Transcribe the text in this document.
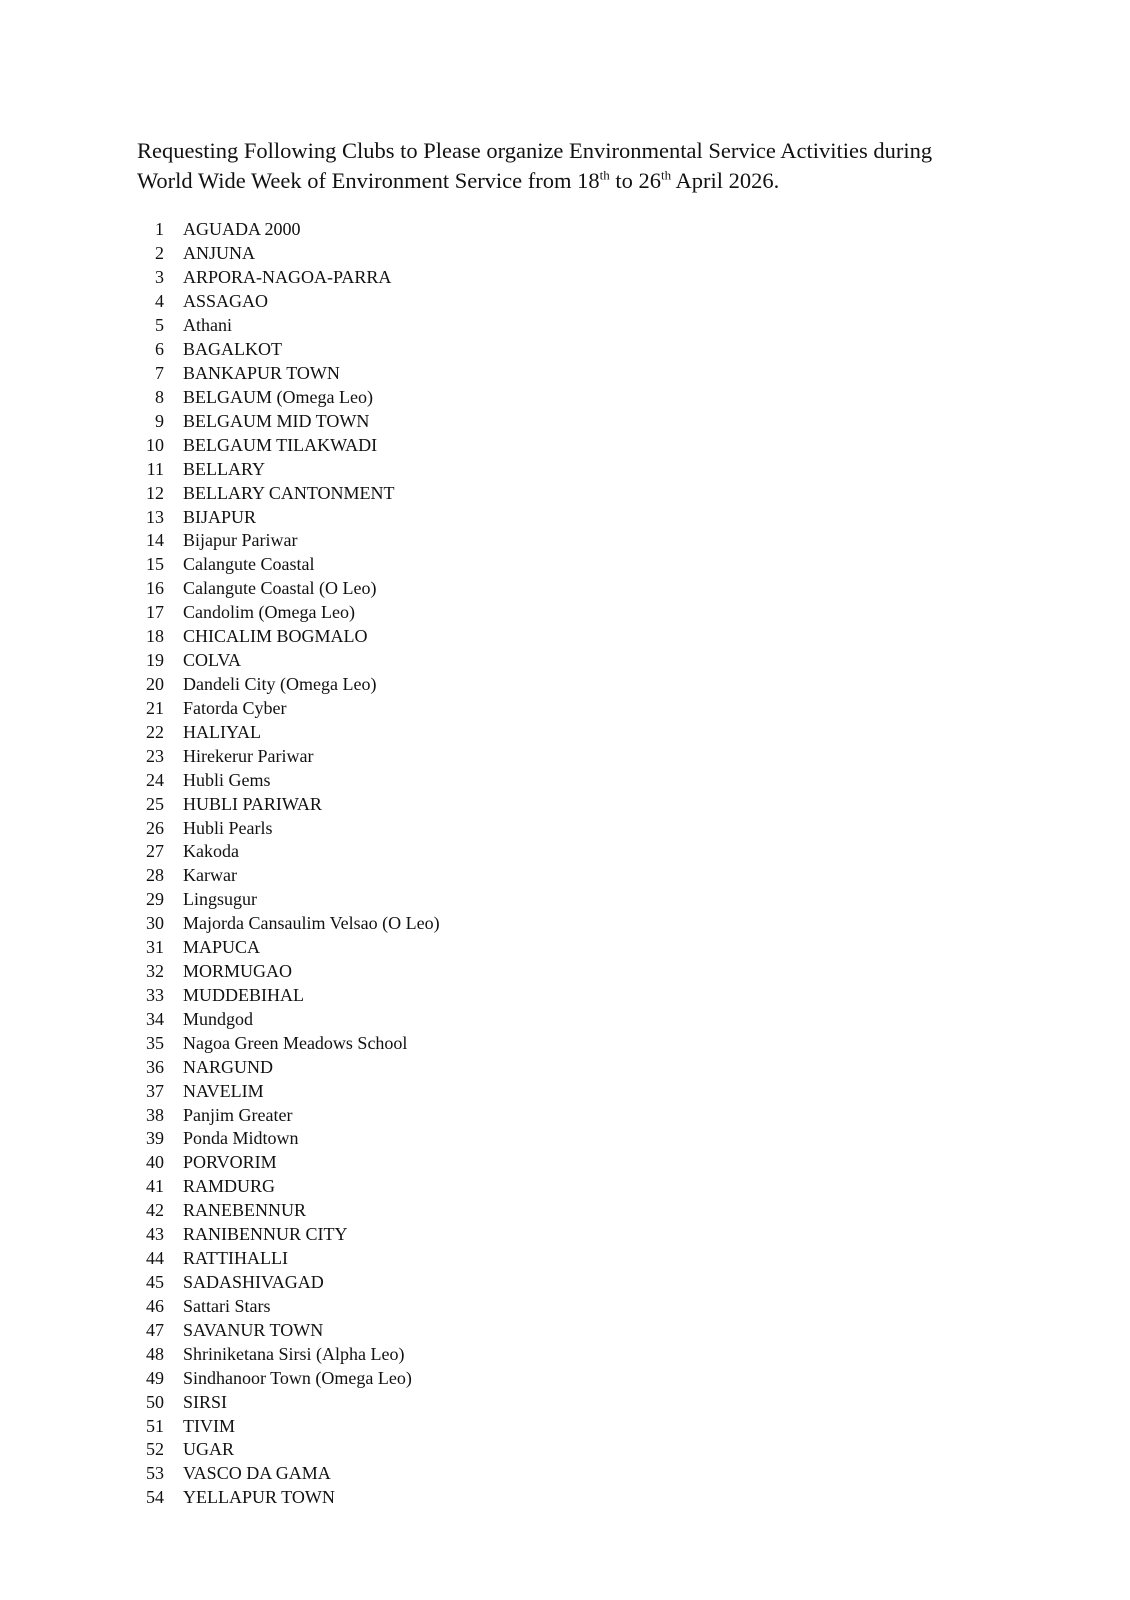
Requesting Following Clubs to Please organize Environmental Service Activities during
World Wide Week of Environment Service from 18th to 26th April 2026.

1 AGUADA 2000
2 ANJUNA
3 ARPORA-NAGOA-PARRA
4 ASSAGAO
5 Athani
6 BAGALKOT
7 BANKAPUR TOWN
8 BELGAUM (Omega Leo)
9 BELGAUM MID TOWN
10 BELGAUM TILAKWADI
11 BELLARY
12 BELLARY CANTONMENT
13 BIJAPUR
14 Bijapur Pariwar
15 Calangute Coastal
16 Calangute Coastal (O Leo)
17 Candolim (Omega Leo)
18 CHICALIM BOGMALO
19 COLVA
20 Dandeli City (Omega Leo)
21 Fatorda Cyber
22 HALIYAL
23 Hirekerur Pariwar
24 Hubli Gems
25 HUBLI PARIWAR
26 Hubli Pearls
27 Kakoda
28 Karwar
29 Lingsugur
30 Majorda Cansaulim Velsao (O Leo)
31 MAPUCA
32 MORMUGAO
33 MUDDEBIHAL
34 Mundgod
35 Nagoa Green Meadows School
36 NARGUND
37 NAVELIM
38 Panjim Greater
39 Ponda Midtown
40 PORVORIM
41 RAMDURG
42 RANEBENNUR
43 RANIBENNUR CITY
44 RATTIHALLI
45 SADASHIVAGAD
46 Sattari Stars
47 SAVANUR TOWN
48 Shriniketana Sirsi (Alpha Leo)
49 Sindhanoor Town (Omega Leo)
50 SIRSI
51 TIVIM
52 UGAR
53 VASCO DA GAMA
54 YELLAPUR TOWN
